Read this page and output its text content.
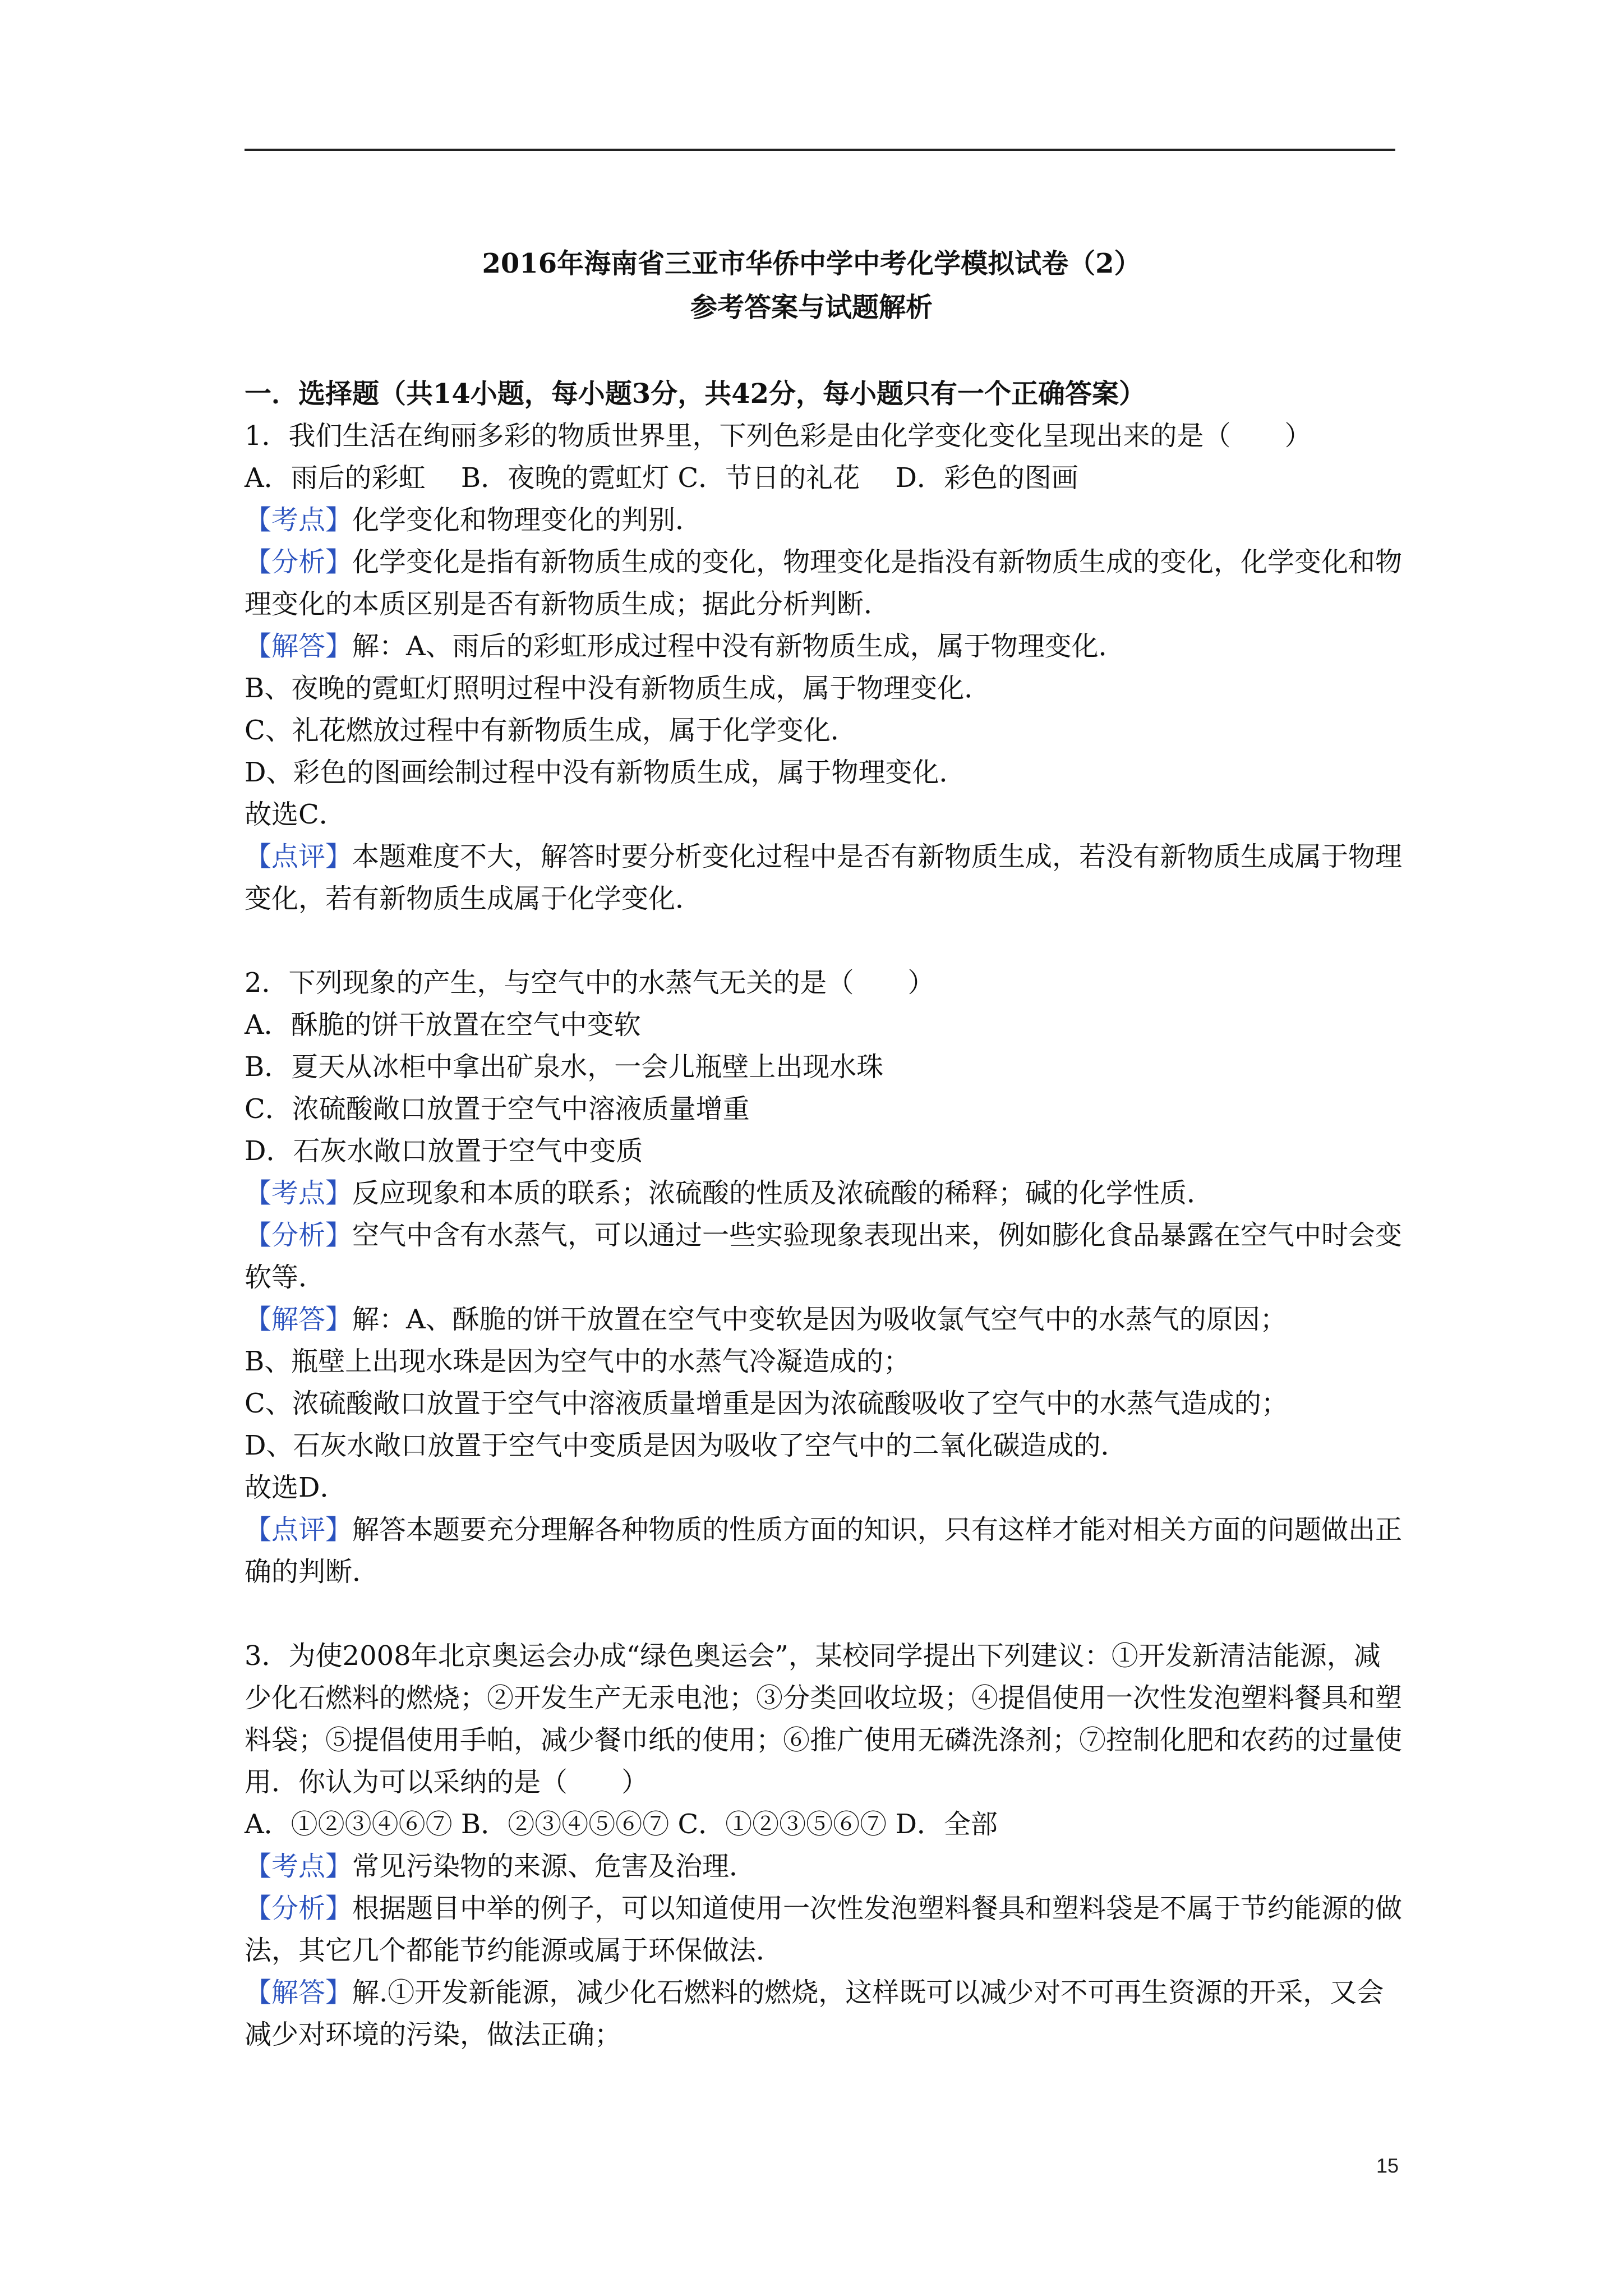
2016年海南省三亚市华侨中学中考化学模拟试卷（2）
参考答案与试题解析

一．选择题（共14小题，每小题3分，共42分，每小题只有一个正确答案）

1．我们生活在绚丽多彩的物质世界里，下列色彩是由化学变化变化呈现出来的是（　　）

A．雨后的彩虹　 B．夜晚的霓虹灯 C．节日的礼花　 D．彩色的图画

【考点】化学变化和物理变化的判别．

【分析】化学变化是指有新物质生成的变化，物理变化是指没有新物质生成的变化，化学变化和物理变化的本质区别是否有新物质生成；据此分析判断．

【解答】解：A、雨后的彩虹形成过程中没有新物质生成，属于物理变化．

B、夜晚的霓虹灯照明过程中没有新物质生成，属于物理变化．

C、礼花燃放过程中有新物质生成，属于化学变化．

D、彩色的图画绘制过程中没有新物质生成，属于物理变化．

故选C．

【点评】本题难度不大，解答时要分析变化过程中是否有新物质生成，若没有新物质生成属于物理变化，若有新物质生成属于化学变化．

2．下列现象的产生，与空气中的水蒸气无关的是（　　）

A．酥脆的饼干放置在空气中变软

B．夏天从冰柜中拿出矿泉水，一会儿瓶壁上出现水珠

C．浓硫酸敞口放置于空气中溶液质量增重

D．石灰水敞口放置于空气中变质

【考点】反应现象和本质的联系；浓硫酸的性质及浓硫酸的稀释；碱的化学性质．

【分析】空气中含有水蒸气，可以通过一些实验现象表现出来，例如膨化食品暴露在空气中时会变软等．

【解答】解：A、酥脆的饼干放置在空气中变软是因为吸收氯气空气中的水蒸气的原因；

B、瓶壁上出现水珠是因为空气中的水蒸气冷凝造成的；

C、浓硫酸敞口放置于空气中溶液质量增重是因为浓硫酸吸收了空气中的水蒸气造成的；

D、石灰水敞口放置于空气中变质是因为吸收了空气中的二氧化碳造成的．

故选D．

【点评】解答本题要充分理解各种物质的性质方面的知识，只有这样才能对相关方面的问题做出正确的判断．

3．为使2008年北京奥运会办成“绿色奥运会”，某校同学提出下列建议：①开发新清洁能源，减少化石燃料的燃烧；②开发生产无汞电池；③分类回收垃圾；④提倡使用一次性发泡塑料餐具和塑料袋；⑤提倡使用手帕，减少餐巾纸的使用；⑥推广使用无磷洗涤剂；⑦控制化肥和农药的过量使用．你认为可以采纳的是（　　）

A．①②③④⑥⑦ B．②③④⑤⑥⑦ C．①②③⑤⑥⑦ D．全部

【考点】常见污染物的来源、危害及治理．

【分析】根据题目中举的例子，可以知道使用一次性发泡塑料餐具和塑料袋是不属于节约能源的做法，其它几个都能节约能源或属于环保做法．

【解答】解.①开发新能源，减少化石燃料的燃烧，这样既可以减少对不可再生资源的开采，又会减少对环境的污染，做法正确；

15
